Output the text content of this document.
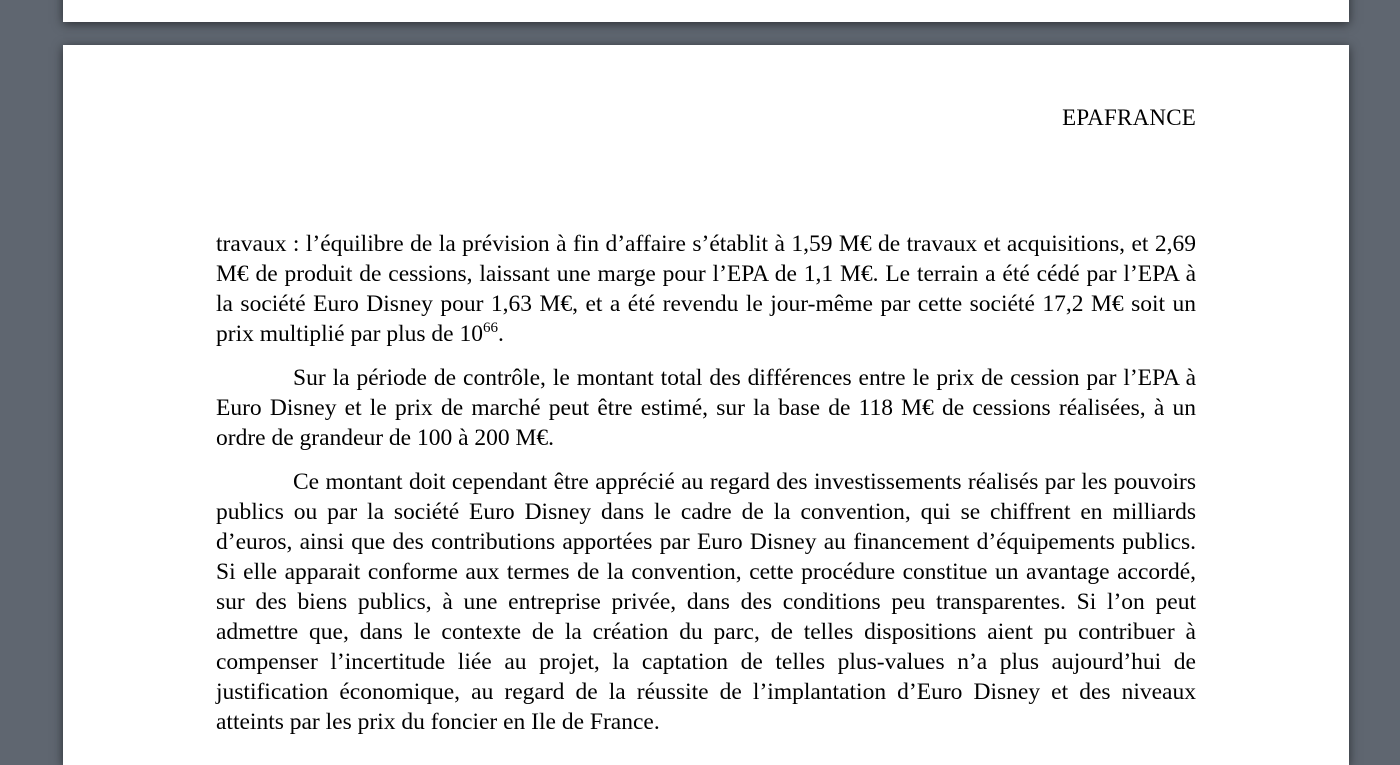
EPAFRANCE

travaux : l’équilibre de la prévision à fin d’affaire s’établit à 1,59 M€ de travaux et acquisitions, et 2,69 M€ de produit de cessions, laissant une marge pour l’EPA de 1,1 M€. Le terrain a été cédé par l’EPA à la société Euro Disney pour 1,63 M€, et a été revendu le jour-même par cette société 17,2 M€ soit un prix multiplié par plus de 10$^{66}$.

Sur la période de contrôle, le montant total des différences entre le prix de cession par l’EPA à Euro Disney et le prix de marché peut être estimé, sur la base de 118 M€ de cessions réalisées, à un ordre de grandeur de 100 à 200 M€.

Ce montant doit cependant être apprécié au regard des investissements réalisés par les pouvoirs publics ou par la société Euro Disney dans le cadre de la convention, qui se chiffrent en milliards d’euros, ainsi que des contributions apportées par Euro Disney au financement d’équipements publics. Si elle apparait conforme aux termes de la convention, cette procédure constitue un avantage accordé, sur des biens publics, à une entreprise privée, dans des conditions peu transparentes. Si l’on peut admettre que, dans le contexte de la création du parc, de telles dispositions aient pu contribuer à compenser l’incertitude liée au projet, la captation de telles plus-values n’a plus aujourd’hui de justification économique, au regard de la réussite de l’implantation d’Euro Disney et des niveaux atteints par les prix du foncier en Ile de France.
